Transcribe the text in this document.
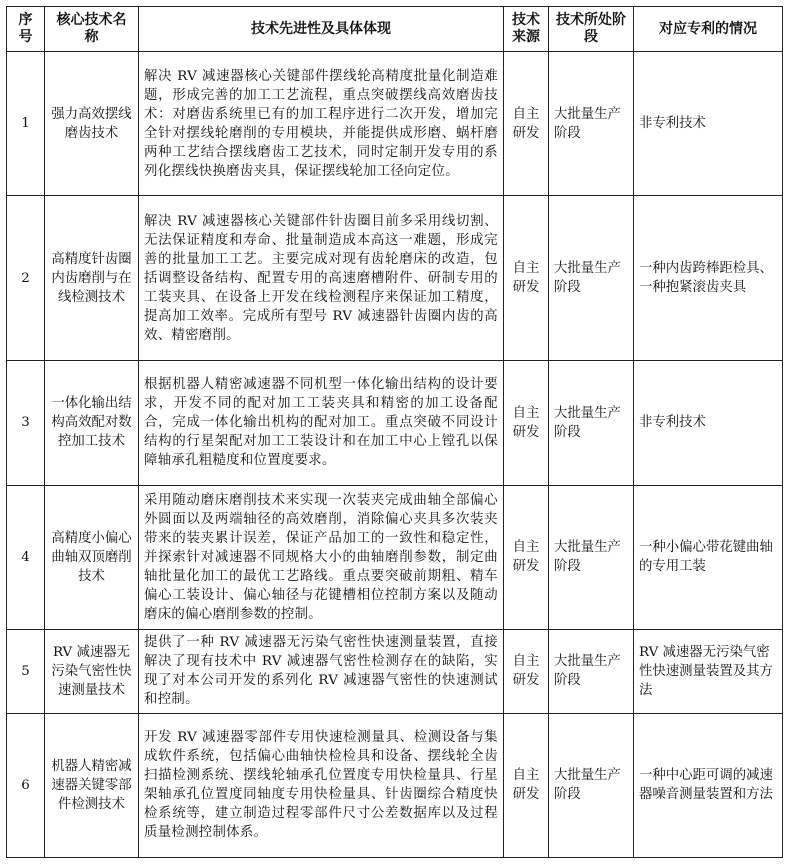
序号	核心技术名称	技术先进性及具体体现	技术来源	技术所处阶段	对应专利的情况
1	强力高效摆线磨齿技术	解决 RV 减速器核心关键部件摆线轮高精度批量化制造难题，形成完善的加工工艺流程，重点突破摆线高效磨齿技术：对磨齿系统里已有的加工程序进行二次开发，增加完全针对摆线轮磨削的专用模块，并能提供成形磨、蜗杆磨两种工艺结合摆线磨齿工艺技术，同时定制开发专用的系列化摆线快换磨齿夹具，保证摆线轮加工径向定位。	自主研发	大批量生产阶段	非专利技术
2	高精度针齿圈内齿磨削与在线检测技术	解决 RV 减速器核心关键部件针齿圈目前多采用线切割、无法保证精度和寿命、批量制造成本高这一难题，形成完善的批量加工工艺。主要完成对现有齿轮磨床的改造，包括调整设备结构、配置专用的高速磨槽附件、研制专用的工装夹具、在设备上开发在线检测程序来保证加工精度，提高加工效率。完成所有型号 RV 减速器针齿圈内齿的高效、精密磨削。	自主研发	大批量生产阶段	一种内齿跨棒距检具、一种抱紧滚齿夹具
3	一体化输出结构高效配对数控加工技术	根据机器人精密减速器不同机型一体化输出结构的设计要求，开发不同的配对加工工装夹具和精密的加工设备配合，完成一体化输出机构的配对加工。重点突破不同设计结构的行星架配对加工工装设计和在加工中心上镗孔以保障轴承孔粗糙度和位置度要求。	自主研发	大批量生产阶段	非专利技术
4	高精度小偏心曲轴双顶磨削技术	采用随动磨床磨削技术来实现一次装夹完成曲轴全部偏心外圆面以及两端轴径的高效磨削，消除偏心夹具多次装夹带来的装夹累计误差，保证产品加工的一致性和稳定性，并探索针对减速器不同规格大小的曲轴磨削参数，制定曲轴批量化加工的最优工艺路线。重点要突破前期粗、精车偏心工装设计、偏心轴径与花键槽相位控制方案以及随动磨床的偏心磨削参数的控制。	自主研发	大批量生产阶段	一种小偏心带花键曲轴的专用工装
5	RV 减速器无污染气密性快速测量技术	提供了一种 RV 减速器无污染气密性快速测量装置，直接解决了现有技术中 RV 减速器气密性检测存在的缺陷，实现了对本公司开发的系列化 RV 减速器气密性的快速测试和控制。	自主研发	大批量生产阶段	RV 减速器无污染气密性快速测量装置及其方法
6	机器人精密减速器关键零部件检测技术	开发 RV 减速器零部件专用快速检测量具、检测设备与集成软件系统，包括偏心曲轴快检检具和设备、摆线轮全齿扫描检测系统、摆线轮轴承孔位置度专用快检量具、行星架轴承孔位置度同轴度专用快检量具、针齿圈综合精度快检系统等，建立制造过程零部件尺寸公差数据库以及过程质量检测控制体系。	自主研发	大批量生产阶段	一种中心距可调的减速器噪音测量装置和方法
